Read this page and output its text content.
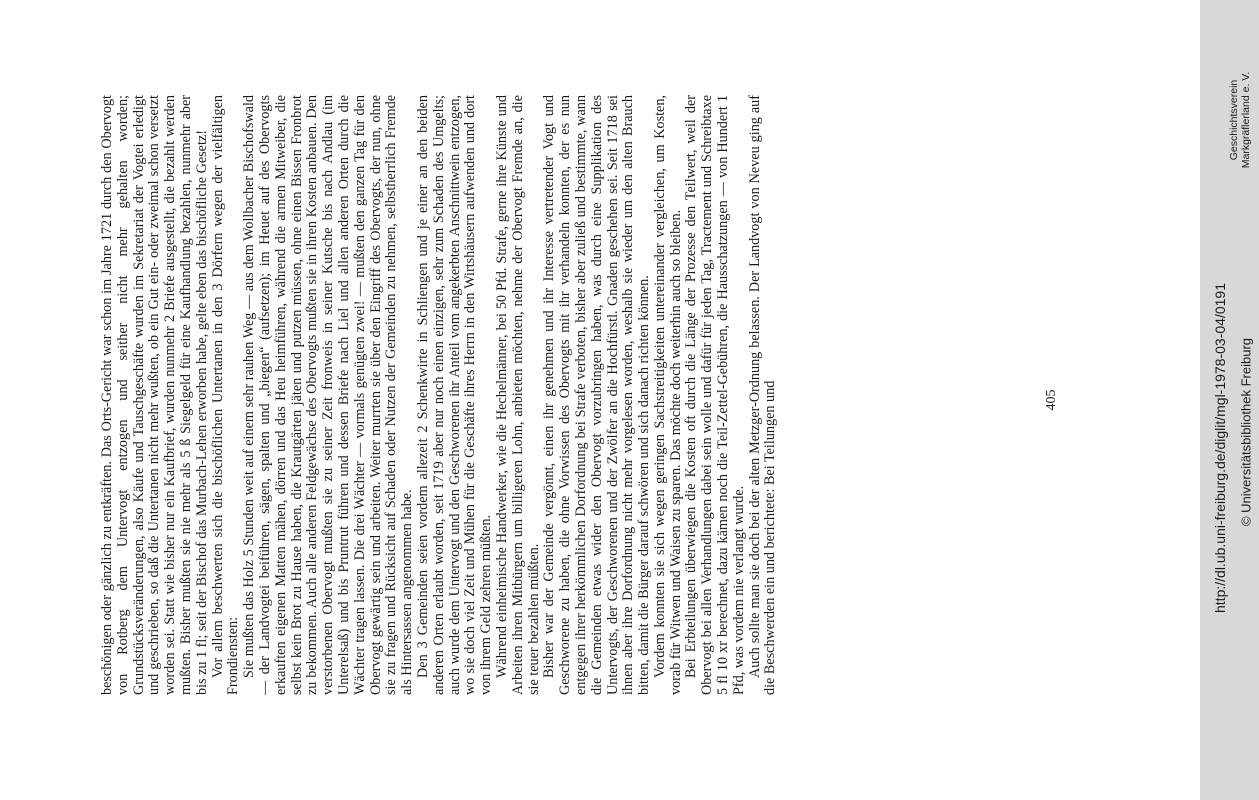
beschönigen oder gänzlich zu entkräften. Das Orts-Gericht war schon im Jahre 1721 durch den Obervogt von Rotberg dem Untervogt entzogen und seither nicht mehr gehalten worden; Grundstücksveränderungen, also Käufe und Tauschgeschäfte wurden im Sekretariat der Vogtei erledigt und geschrieben, so daß die Untertanen nicht mehr wußten, ob ein Gut ein- oder zweimal schon versetzt worden sei. Statt wie bisher nur ein Kaufbrief, wurden nunmehr 2 Briefe ausgestellt, die bezahlt werden mußten. Bisher mußten sie nie mehr als 5 ß Siegelgeld für eine Kaufhandlung bezahlen, nunmehr aber bis zu 1 fl; seit der Bischof das Murbach-Lehen erworben habe, gelte eben das bischöfliche Gesetz! Vor allem beschwerten sich die bischöflichen Untertanen in den 3 Dörfern wegen der vielfältigen Frondiensten: Sie mußten das Holz 5 Stunden weit auf einem sehr rauhen Weg — aus dem Wollbacher Bischofswald — der Landvogtei beiführen, sägen, spalten und „biegen“ (aufsetzen); im Heuet auf des Obervogts erkauften eigenen Matten mähen, dörren und das Heu heimführen, während die armen Mitweiber, die selbst kein Brot zu Hause haben, die Krautgärten jäten und putzen müssen, ohne einen Bissen Fronbrot zu bekommen. Auch alle anderen Feldgewächse des Obervogts mußten sie in ihren Kosten anbauen. Den verstorbenen Obervogt mußten sie zu seiner Zeit fronweis in seiner Kutsche bis nach Andlau (im Unterelsaß) und bis Pruntrut führen und dessen Briefe nach Liel und allen anderen Orten durch die Wächter tragen lassen. Die drei Wächter — vormals genügten zwei! — mußten den ganzen Tag für den Obervogt gewärtig sein und arbeiten. Weiter murrten sie über den Eingriff des Obervogts, der nun, ohne sie zu fragen und Rücksicht auf Schaden oder Nutzen der Gemeinden zu nehmen, selbstherrlich Fremde als Hintersassen angenommen habe. Den 3 Gemeinden seien vordem allezeit 2 Schenkwirte in Schliengen und je einer an den beiden anderen Orten erlaubt worden, seit 1719 aber nur noch einen einzigen, sehr zum Schaden des Umgelts; auch wurde dem Untervogt und den Geschworenen ihr Anteil vom angekerbten Anschnittwein entzogen, wo sie doch viel Zeit und Mühen für die Geschäfte ihres Herrn in den Wirtshäusern aufwenden und dort von ihrem Geld zehren müßten. Während einheimische Handwerker, wie die Hechelmänner, bei 50 Pfd. Strafe, gerne ihre Künste und Arbeiten ihren Mitbürgern um billigeren Lohn, anbieten möchten, nehme der Obervogt Fremde an, die sie teuer bezahlen müßten. Bisher war der Gemeinde vergönnt, einen ihr genehmen und ihr Interesse vertretender Vogt und Geschworene zu haben, die ohne Vorwissen des Obervogts mit ihr verhandeln konnten, der es nun entgegen ihrer herkömmlichen Dorfordnung bei Strafe verboten, bisher aber zuließ und bestimmte, wann die Gemeinden etwas wider den Obervogt vorzubringen haben, was durch eine Supplikation des Untervogts, der Geschworenen und der Zwölfer an die Hochfürstl. Gnaden geschehen sei. Seit 1718 sei ihnen aber ihre Dorfordnung nicht mehr vorgelesen worden, weshalb sie wieder um den alten Brauch bitten, damit die Bürger darauf schwören und sich danach richten können. Vordem konnten sie sich wegen geringen Sachstreitigkeiten untereinander vergleichen, um Kosten, vorab für Witwen und Waisen zu sparen. Das möchte doch weiterhin auch so bleiben. Bei Erbteilungen überwiegen die Kosten oft durch die Länge der Prozesse den Teilwert, weil der Obervogt bei allen Verhandlungen dabei sein wolle und dafür für jeden Tag, Tractement und Schreibtaxe 5 fl 10 xr berechnet, dazu kämen noch die Teil-Zettel-Gebühren, die Hausschatzungen — von Hundert 1 Pfd, was vordem nie verlangt wurde. Auch sollte man sie doch bei der alten Metzger-Ordnung belassen. Der Landvogt von Neveu ging auf die Beschwerden ein und berichtete: Bei Teilungen und	405	http://dl.ub.uni-freiburg.de/diglit/mgl-1978-03-04/0191 © Universitätsbibliothek Freiburg
Geschichtsverein Markgräflerland e. V.
